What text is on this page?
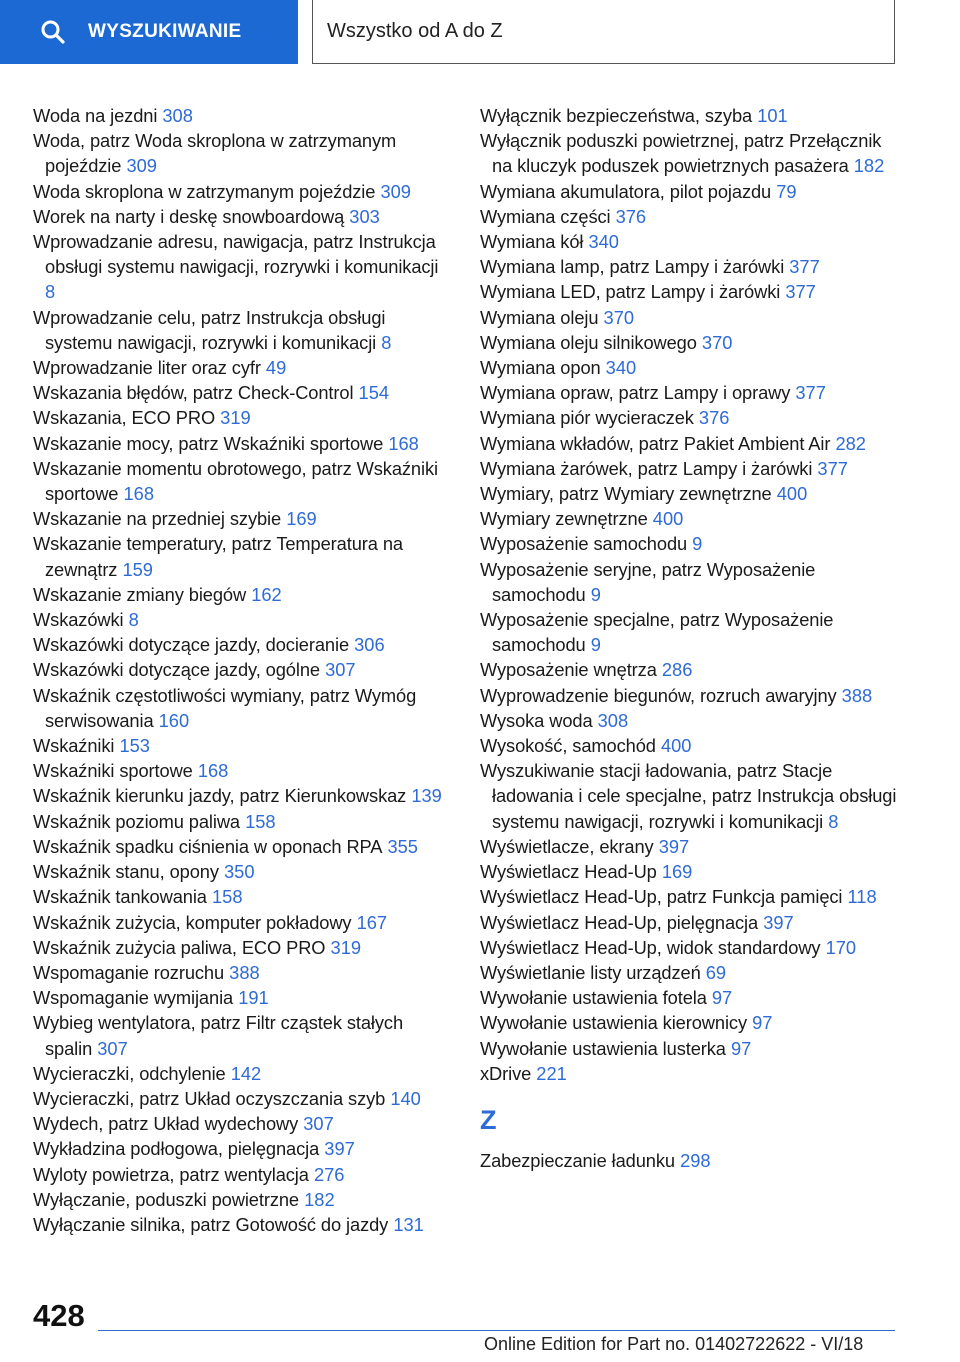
WYSZUKIWANIE	Wszystko od A do Z
Woda na jezdni 308
Woda, patrz Woda skroplona w zatrzymanym pojeździe 309
Woda skroplona w zatrzymanym pojeździe 309
Worek na narty i deskę snowboardową 303
Wprowadzanie adresu, nawigacja, patrz Instrukcja obsługi systemu nawigacji, rozrywki i komunikacji 8
Wprowadzanie celu, patrz Instrukcja obsługi systemu nawigacji, rozrywki i komunikacji 8
Wprowadzanie liter oraz cyfr 49
Wskazania błędów, patrz Check-Control 154
Wskazania, ECO PRO 319
Wskazanie mocy, patrz Wskaźniki sportowe 168
Wskazanie momentu obrotowego, patrz Wskaźniki sportowe 168
Wskazanie na przedniej szybie 169
Wskazanie temperatury, patrz Temperatura na zewnątrz 159
Wskazanie zmiany biegów 162
Wskazówki 8
Wskazówki dotyczące jazdy, docieranie 306
Wskazówki dotyczące jazdy, ogólne 307
Wskaźnik częstotliwości wymiany, patrz Wymóg serwisowania 160
Wskaźniki 153
Wskaźniki sportowe 168
Wskaźnik kierunku jazdy, patrz Kierunkowskaz 139
Wskaźnik poziomu paliwa 158
Wskaźnik spadku ciśnienia w oponach RPA 355
Wskaźnik stanu, opony 350
Wskaźnik tankowania 158
Wskaźnik zużycia, komputer pokładowy 167
Wskaźnik zużycia paliwa, ECO PRO 319
Wspomaganie rozruchu 388
Wspomaganie wymijania 191
Wybieg wentylatora, patrz Filtr cząstek stałych spalin 307
Wycieraczki, odchylenie 142
Wycieraczki, patrz Układ oczyszczania szyb 140
Wydech, patrz Układ wydechowy 307
Wykładzina podłogowa, pielęgnacja 397
Wyloty powietrza, patrz wentylacja 276
Wyłączanie, poduszki powietrzne 182
Wyłączanie silnika, patrz Gotowość do jazdy 131
Wyłącznik bezpieczeństwa, szyba 101
Wyłącznik poduszki powietrznej, patrz Przełącznik na kluczyk poduszek powietrznych pasażera 182
Wymiana akumulatora, pilot pojazdu 79
Wymiana części 376
Wymiana kół 340
Wymiana lamp, patrz Lampy i żarówki 377
Wymiana LED, patrz Lampy i żarówki 377
Wymiana oleju 370
Wymiana oleju silnikowego 370
Wymiana opon 340
Wymiana opraw, patrz Lampy i oprawy 377
Wymiana piór wycieraczek 376
Wymiana wkładów, patrz Pakiet Ambient Air 282
Wymiana żarówek, patrz Lampy i żarówki 377
Wymiary, patrz Wymiary zewnętrzne 400
Wymiary zewnętrzne 400
Wyposażenie samochodu 9
Wyposażenie seryjne, patrz Wyposażenie samochodu 9
Wyposażenie specjalne, patrz Wyposażenie samochodu 9
Wyposażenie wnętrza 286
Wyprowadzenie biegunów, rozruch awaryjny 388
Wysoka woda 308
Wysokość, samochód 400
Wyszukiwanie stacji ładowania, patrz Stacje ładowania i cele specjalne, patrz Instrukcja obsługi systemu nawigacji, rozrywki i komunikacji 8
Wyświetlacze, ekrany 397
Wyświetlacz Head-Up 169
Wyświetlacz Head-Up, patrz Funkcja pamięci 118
Wyświetlacz Head-Up, pielęgnacja 397
Wyświetlacz Head-Up, widok standardowy 170
Wyświetlanie listy urządzeń 69
Wywołanie ustawienia fotela 97
Wywołanie ustawienia kierownicy 97
Wywołanie ustawienia lusterka 97
xDrive 221
Z
Zabezpieczanie ładunku 298
428
Online Edition for Part no. 01402722622 - VI/18
